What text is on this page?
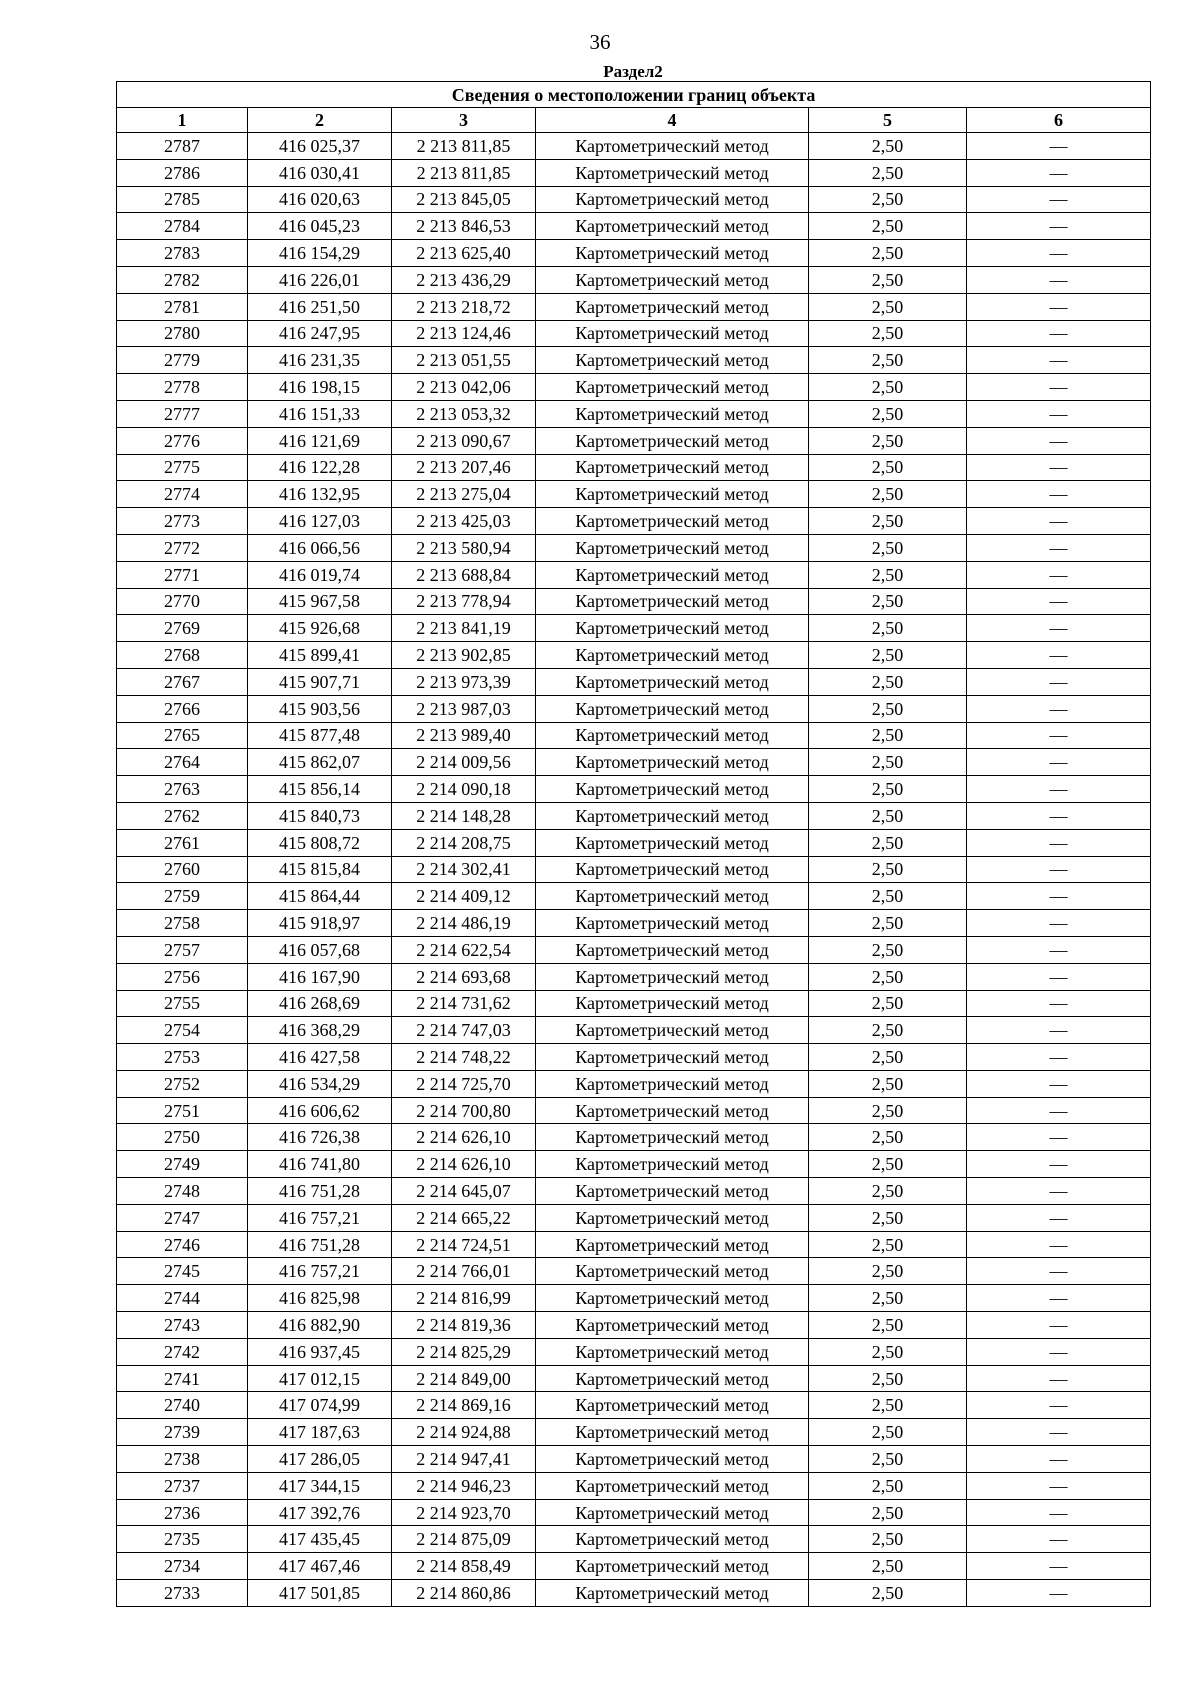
36
Раздел2
Сведения о местоположении границ объекта					
1	2	3	4	5	6
2787	416 025,37	2 213 811,85	Картометрический метод	2,50	—
2786	416 030,41	2 213 811,85	Картометрический метод	2,50	—
2785	416 020,63	2 213 845,05	Картометрический метод	2,50	—
2784	416 045,23	2 213 846,53	Картометрический метод	2,50	—
2783	416 154,29	2 213 625,40	Картометрический метод	2,50	—
2782	416 226,01	2 213 436,29	Картометрический метод	2,50	—
2781	416 251,50	2 213 218,72	Картометрический метод	2,50	—
2780	416 247,95	2 213 124,46	Картометрический метод	2,50	—
2779	416 231,35	2 213 051,55	Картометрический метод	2,50	—
2778	416 198,15	2 213 042,06	Картометрический метод	2,50	—
2777	416 151,33	2 213 053,32	Картометрический метод	2,50	—
2776	416 121,69	2 213 090,67	Картометрический метод	2,50	—
2775	416 122,28	2 213 207,46	Картометрический метод	2,50	—
2774	416 132,95	2 213 275,04	Картометрический метод	2,50	—
2773	416 127,03	2 213 425,03	Картометрический метод	2,50	—
2772	416 066,56	2 213 580,94	Картометрический метод	2,50	—
2771	416 019,74	2 213 688,84	Картометрический метод	2,50	—
2770	415 967,58	2 213 778,94	Картометрический метод	2,50	—
2769	415 926,68	2 213 841,19	Картометрический метод	2,50	—
2768	415 899,41	2 213 902,85	Картометрический метод	2,50	—
2767	415 907,71	2 213 973,39	Картометрический метод	2,50	—
2766	415 903,56	2 213 987,03	Картометрический метод	2,50	—
2765	415 877,48	2 213 989,40	Картометрический метод	2,50	—
2764	415 862,07	2 214 009,56	Картометрический метод	2,50	—
2763	415 856,14	2 214 090,18	Картометрический метод	2,50	—
2762	415 840,73	2 214 148,28	Картометрический метод	2,50	—
2761	415 808,72	2 214 208,75	Картометрический метод	2,50	—
2760	415 815,84	2 214 302,41	Картометрический метод	2,50	—
2759	415 864,44	2 214 409,12	Картометрический метод	2,50	—
2758	415 918,97	2 214 486,19	Картометрический метод	2,50	—
2757	416 057,68	2 214 622,54	Картометрический метод	2,50	—
2756	416 167,90	2 214 693,68	Картометрический метод	2,50	—
2755	416 268,69	2 214 731,62	Картометрический метод	2,50	—
2754	416 368,29	2 214 747,03	Картометрический метод	2,50	—
2753	416 427,58	2 214 748,22	Картометрический метод	2,50	—
2752	416 534,29	2 214 725,70	Картометрический метод	2,50	—
2751	416 606,62	2 214 700,80	Картометрический метод	2,50	—
2750	416 726,38	2 214 626,10	Картометрический метод	2,50	—
2749	416 741,80	2 214 626,10	Картометрический метод	2,50	—
2748	416 751,28	2 214 645,07	Картометрический метод	2,50	—
2747	416 757,21	2 214 665,22	Картометрический метод	2,50	—
2746	416 751,28	2 214 724,51	Картометрический метод	2,50	—
2745	416 757,21	2 214 766,01	Картометрический метод	2,50	—
2744	416 825,98	2 214 816,99	Картометрический метод	2,50	—
2743	416 882,90	2 214 819,36	Картометрический метод	2,50	—
2742	416 937,45	2 214 825,29	Картометрический метод	2,50	—
2741	417 012,15	2 214 849,00	Картометрический метод	2,50	—
2740	417 074,99	2 214 869,16	Картометрический метод	2,50	—
2739	417 187,63	2 214 924,88	Картометрический метод	2,50	—
2738	417 286,05	2 214 947,41	Картометрический метод	2,50	—
2737	417 344,15	2 214 946,23	Картометрический метод	2,50	—
2736	417 392,76	2 214 923,70	Картометрический метод	2,50	—
2735	417 435,45	2 214 875,09	Картометрический метод	2,50	—
2734	417 467,46	2 214 858,49	Картометрический метод	2,50	—
2733	417 501,85	2 214 860,86	Картометрический метод	2,50	—
